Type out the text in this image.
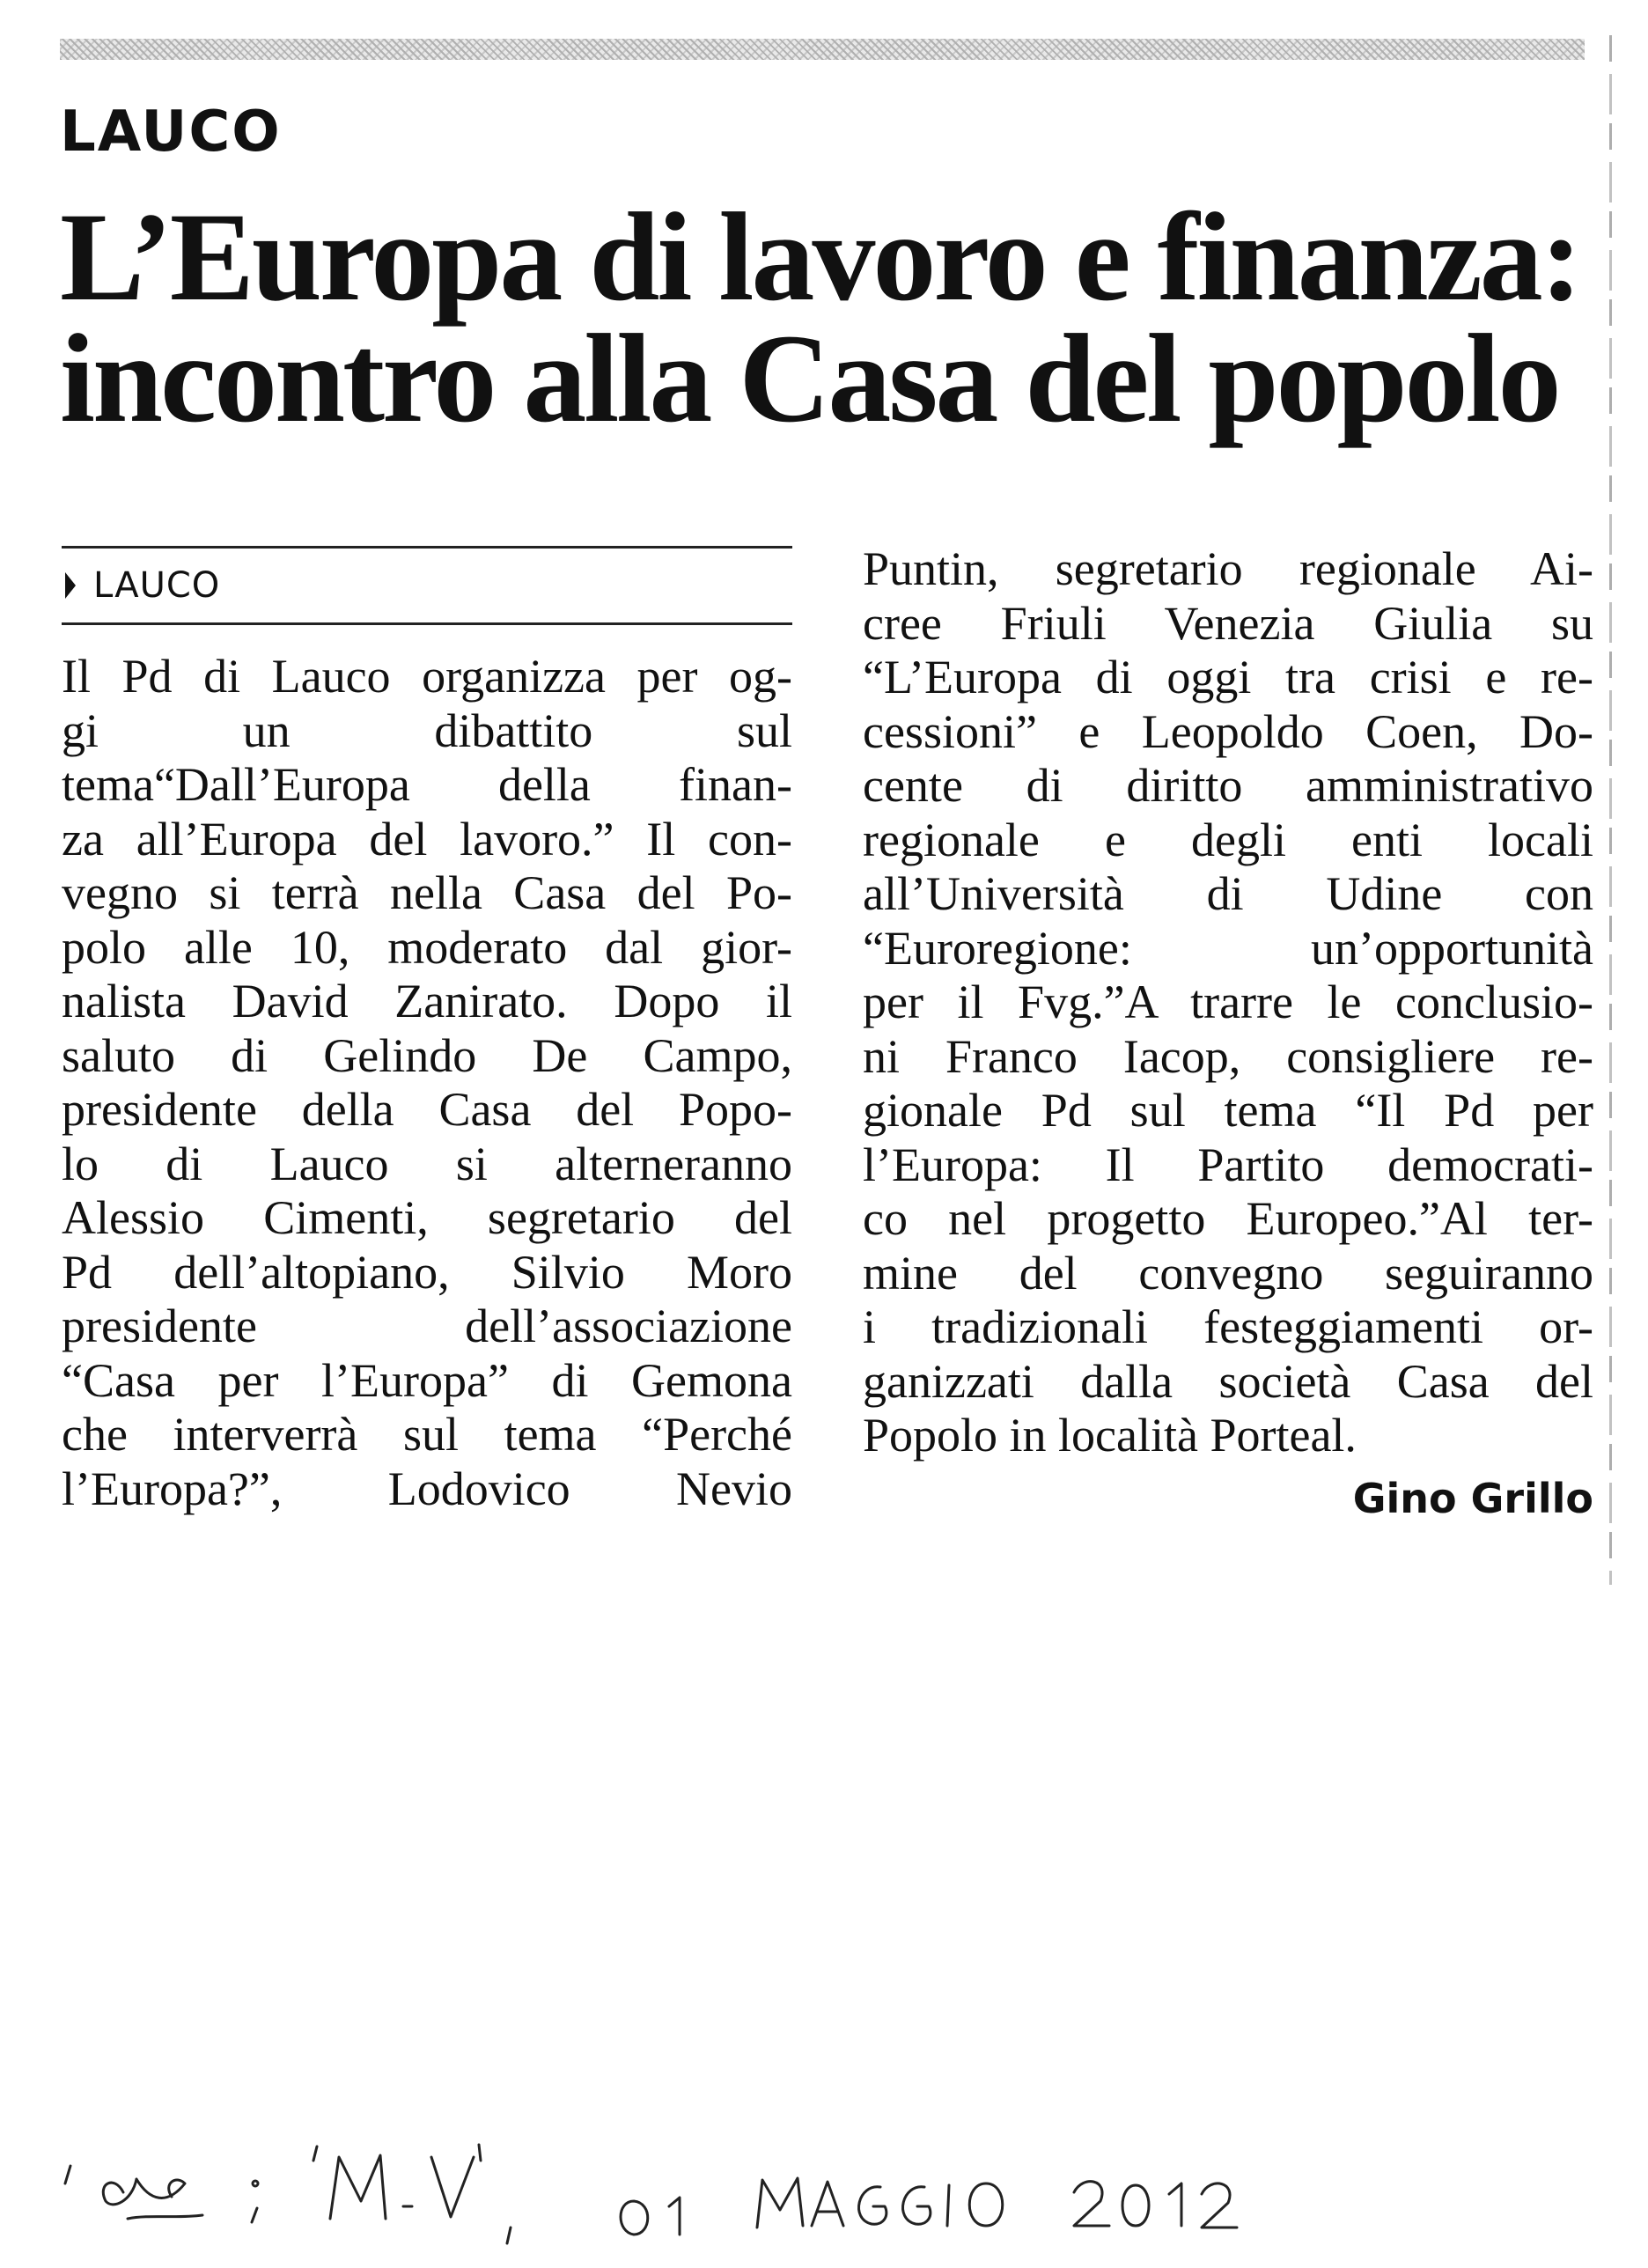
LAUCO
L’Europa di lavoro e finanza:
incontro alla Casa del popolo
LAUCO
Il Pd di Lauco organizza per og-
gi un dibattito sul
tema“Dall’Europa della finan-
za all’Europa del lavoro.” Il con-
vegno si terrà nella Casa del Po-
polo alle 10, moderato dal gior-
nalista David Zanirato. Dopo il
saluto di Gelindo De Campo,
presidente della Casa del Popo-
lo di Lauco si alterneranno
Alessio Cimenti, segretario del
Pd dell’altopiano, Silvio Moro
presidente dell’associazione
“Casa per l’Europa” di Gemona
che interverrà sul tema “Perché
l’Europa?”, Lodovico Nevio
Puntin, segretario regionale Ai-
cree Friuli Venezia Giulia su
“L’Europa di oggi tra crisi e re-
cessioni” e Leopoldo Coen, Do-
cente di diritto amministrativo
regionale e degli enti locali
all’Università di Udine con
“Euroregione: un’opportunità
per il Fvg.”A trarre le conclusio-
ni Franco Iacop, consigliere re-
gionale Pd sul tema “Il Pd per
l’Europa: Il Partito democrati-
co nel progetto Europeo.”Al ter-
mine del convegno seguiranno
i tradizionali festeggiamenti or-
ganizzati dalla società Casa del
Popolo in località Porteal.
Gino Grillo
da: “M.V.”, 01 MAGGIO 2012
